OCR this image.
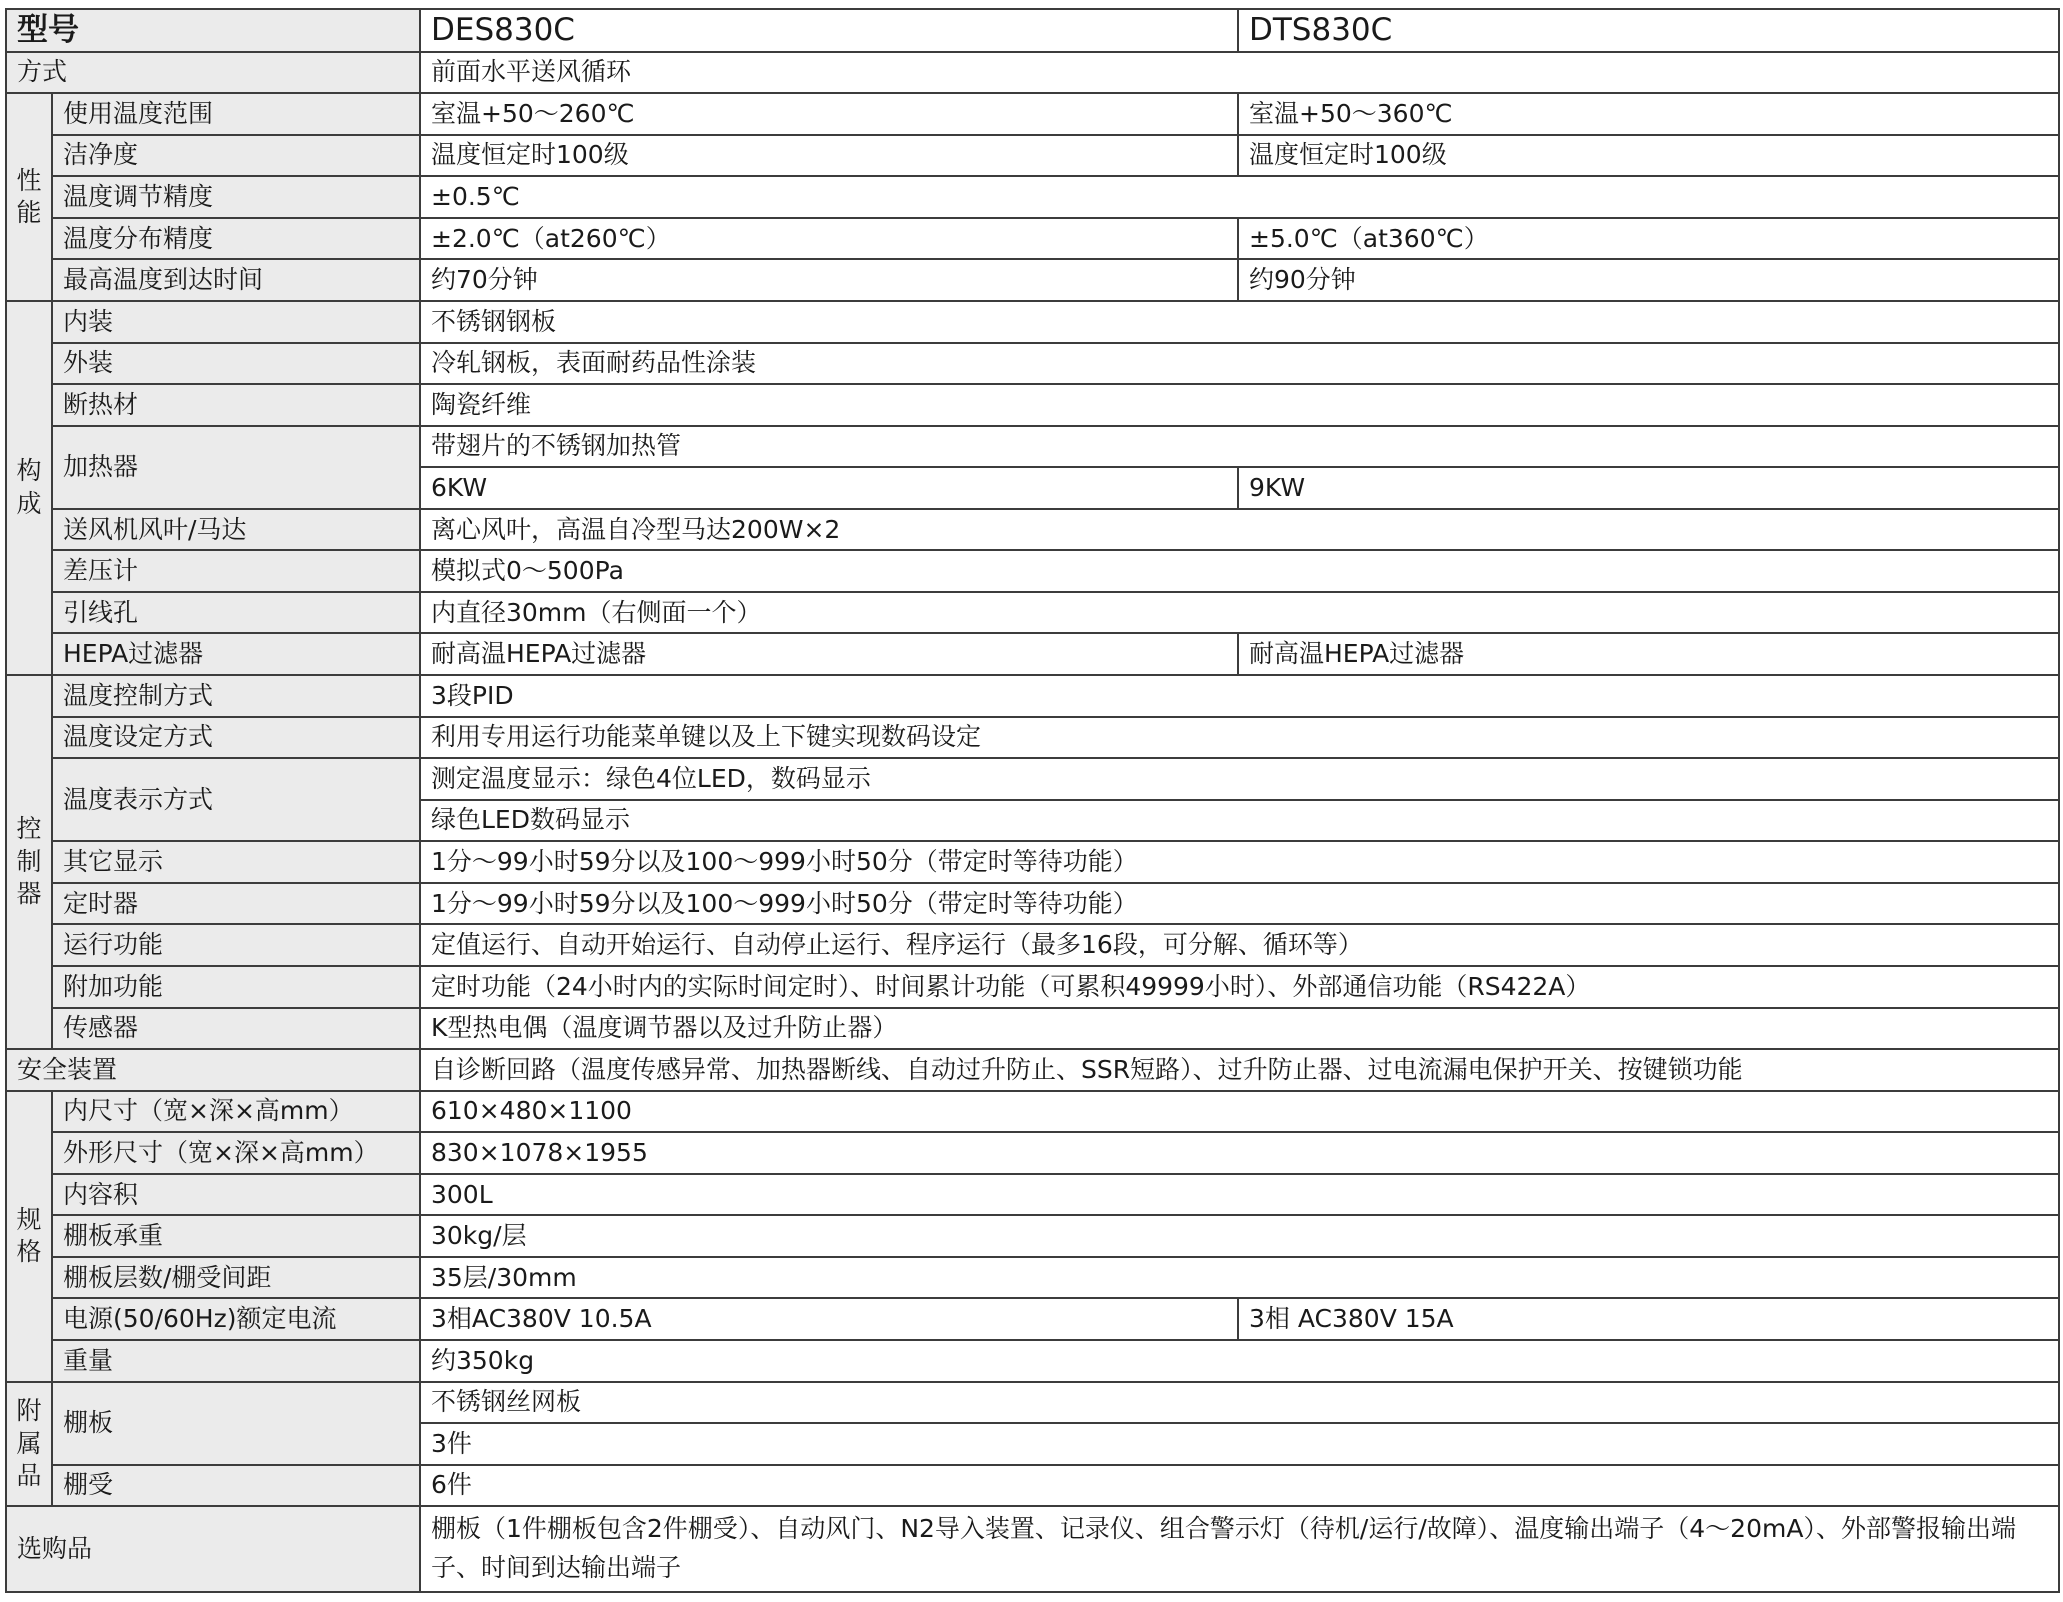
型号		DES830C	DTS830C
方式		前面水平送风循环	
性能	使用温度范围	室温+50～260℃	室温+50～360℃
	洁净度	温度恒定时100级	温度恒定时100级
	温度调节精度	±0.5℃	
	温度分布精度	±2.0℃（at260℃）	±5.0℃（at360℃）
	最高温度到达时间	约70分钟	约90分钟
构成	内装	不锈钢钢板	
	外装	冷轧钢板，表面耐药品性涂装	
	断热材	陶瓷纤维	
	加热器	带翅片的不锈钢加热管	
		6KW	9KW
	送风机风叶/马达	离心风叶，高温自冷型马达200W×2	
	差压计	模拟式0～500Pa	
	引线孔	内直径30mm（右侧面一个）	
	HEPA过滤器	耐高温HEPA过滤器	耐高温HEPA过滤器
控制器	温度控制方式	3段PID	
	温度设定方式	利用专用运行功能菜单键以及上下键实现数码设定	
	温度表示方式	测定温度显示：绿色4位LED，数码显示	
		绿色LED数码显示	
	其它显示	1分～99小时59分以及100～999小时50分（带定时等待功能）	
	定时器	1分～99小时59分以及100～999小时50分（带定时等待功能）	
	运行功能	定值运行、自动开始运行、自动停止运行、程序运行（最多16段，可分解、循环等）	
	附加功能	定时功能（24小时内的实际时间定时）、时间累计功能（可累积49999小时）、外部通信功能（RS422A）	
	传感器	K型热电偶（温度调节器以及过升防止器）	
安全装置		自诊断回路（温度传感异常、加热器断线、自动过升防止、SSR短路）、过升防止器、过电流漏电保护开关、按键锁功能	
规格	内尺寸（宽×深×高mm）	610×480×1100	
	外形尺寸（宽×深×高mm）	830×1078×1955	
	内容积	300L	
	棚板承重	30kg/层	
	棚板层数/棚受间距	35层/30mm	
	电源(50/60Hz)额定电流	3相AC380V 10.5A	3相 AC380V 15A
	重量	约350kg	
附属品	棚板	不锈钢丝网板	
		3件	
	棚受	6件	
选购品		棚板（1件棚板包含2件棚受）、自动风门、N2导入装置、记录仪、组合警示灯（待机/运行/故障）、温度输出端子（4～20mA）、外部警报输出端子、时间到达输出端子	
